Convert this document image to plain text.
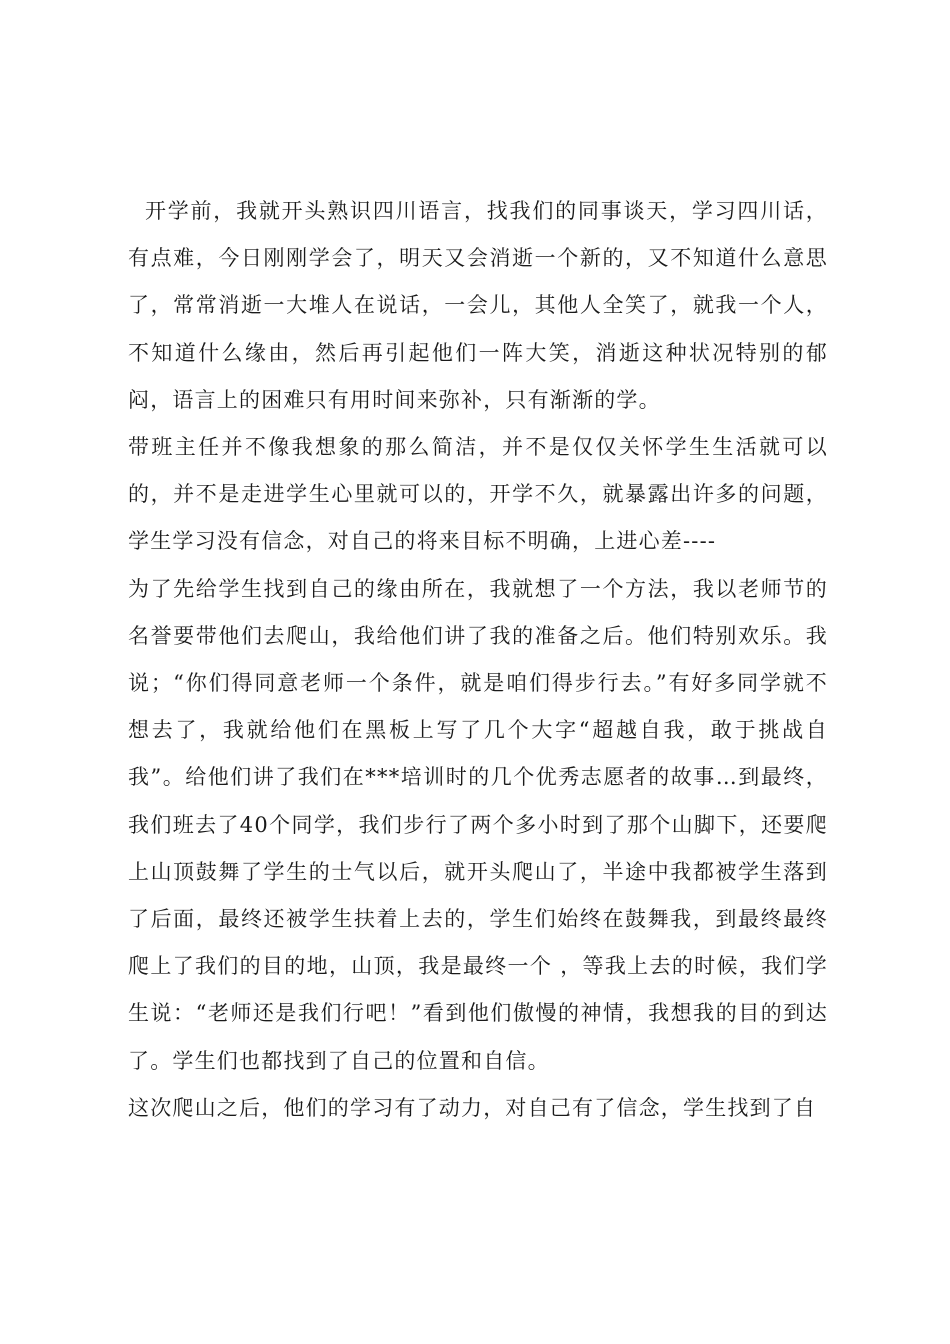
开学前，我就开头熟识四川语言，找我们的同事谈天，学习四川话，有点难，今日刚刚学会了，明天又会消逝一个新的，又不知道什么意思了，常常消逝一大堆人在说话，一会儿，其他人全笑了，就我一个人，不知道什么缘由，然后再引起他们一阵大笑，消逝这种状况特别的郁闷，语言上的困难只有用时间来弥补，只有渐渐的学。

带班主任并不像我想象的那么简洁，并不是仅仅关怀学生生活就可以的，并不是走进学生心里就可以的，开学不久，就暴露出许多的问题，学生学习没有信念，对自己的将来目标不明确，上进心差----

为了先给学生找到自己的缘由所在，我就想了一个方法，我以老师节的名誉要带他们去爬山，我给他们讲了我的准备之后。他们特别欢乐。我说；“你们得同意老师一个条件，就是咱们得步行去。”有好多同学就不想去了，我就给他们在黑板上写了几个大字“超越自我，敢于挑战自我”。给他们讲了我们在***培训时的几个优秀志愿者的故事…到最终，我们班去了40个同学，我们步行了两个多小时到了那个山脚下，还要爬上山顶鼓舞了学生的士气以后，就开头爬山了，半途中我都被学生落到了后面，最终还被学生扶着上去的，学生们始终在鼓舞我，到最终最终爬上了我们的目的地，山顶，我是最终一个 ，等我上去的时候，我们学生说：“老师还是我们行吧！”看到他们傲慢的神情，我想我的目的到达了。学生们也都找到了自己的位置和自信。

这次爬山之后，他们的学习有了动力，对自己有了信念，学生找到了自
